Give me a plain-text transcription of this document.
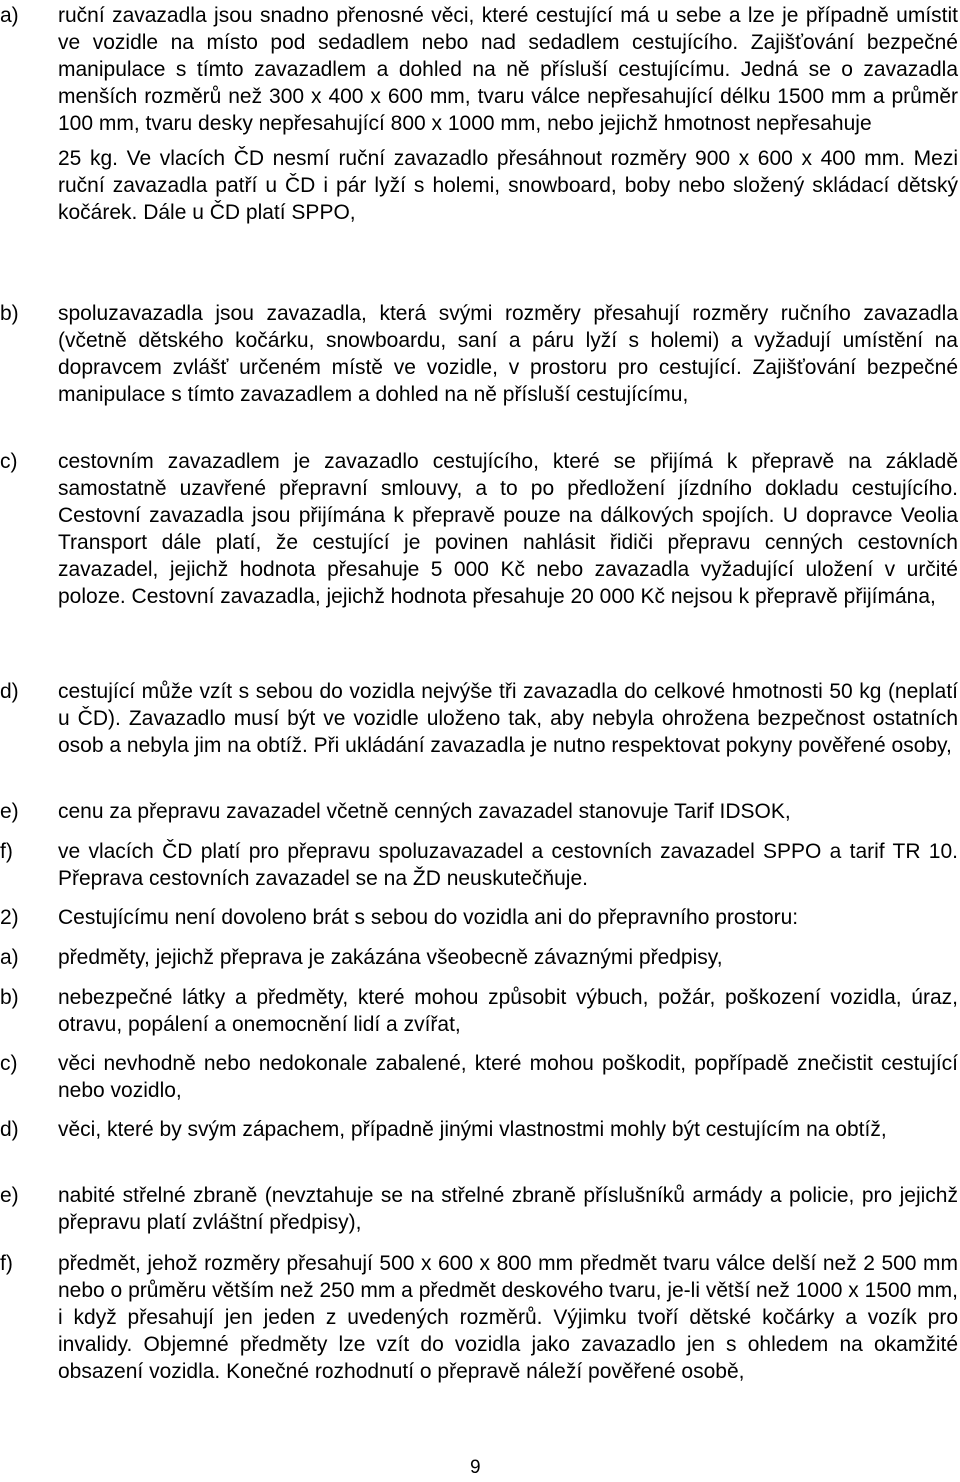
a) ruční zavazadla jsou snadno přenosné věci, které cestující má u sebe a lze je případně umístit ve vozidle na místo pod sedadlem nebo nad sedadlem cestujícího. Zajišťování bezpečné manipulace s tímto zavazadlem a dohled na ně přísluší cestujícímu. Jedná se o zavazadla menších rozměrů než 300 x 400 x 600 mm, tvaru válce nepřesahující délku 1500 mm a průměr 100 mm, tvaru desky nepřesahující 800 x 1000 mm, nebo jejichž hmotnost nepřesahuje
25 kg. Ve vlacích ČD nesmí ruční zavazadlo přesáhnout rozměry 900 x 600 x 400 mm. Mezi ruční zavazadla patří u ČD i pár lyží s holemi, snowboard, boby nebo složený skládací dětský kočárek. Dále u ČD platí SPPO,
b) spoluzavazadla jsou zavazadla, která svými rozměry přesahují rozměry ručního zavazadla (včetně dětského kočárku, snowboardu, saní a páru lyží s holemi) a vyžadují umístění na dopravcem zvlášť určeném místě ve vozidle, v prostoru pro cestující. Zajišťování bezpečné manipulace s tímto zavazadlem a dohled na ně přísluší cestujícímu,
c) cestovním zavazadlem je zavazadlo cestujícího, které se přijímá k přepravě na základě samostatně uzavřené přepravní smlouvy, a to po předložení jízdního dokladu cestujícího. Cestovní zavazadla jsou přijímána k přepravě pouze na dálkových spojích. U dopravce Veolia Transport dále platí, že cestující je povinen nahlásit řidiči přepravu cenných cestovních zavazadel, jejichž hodnota přesahuje 5 000 Kč nebo zavazadla vyžadující uložení v určité poloze. Cestovní zavazadla, jejichž hodnota přesahuje 20 000 Kč nejsou k přepravě přijímána,
d) cestující může vzít s sebou do vozidla nejvýše tři zavazadla do celkové hmotnosti 50 kg (neplatí u ČD). Zavazadlo musí být ve vozidle uloženo tak, aby nebyla ohrožena bezpečnost ostatních osob a nebyla jim na obtíž. Při ukládání zavazadla je nutno respektovat pokyny pověřené osoby,
e) cenu za přepravu zavazadel včetně cenných zavazadel stanovuje Tarif IDSOK,
f) ve vlacích ČD platí pro přepravu spoluzavazadel a cestovních zavazadel SPPO a tarif TR 10. Přeprava cestovních zavazadel se na ŽD neuskutečňuje.
2) Cestujícímu není dovoleno brát s sebou do vozidla ani do přepravního prostoru:
a) předměty, jejichž přeprava je zakázána všeobecně závaznými předpisy,
b) nebezpečné látky a předměty, které mohou způsobit výbuch, požár, poškození vozidla, úraz, otravu, popálení a onemocnění lidí a zvířat,
c) věci nevhodně nebo nedokonale zabalené, které mohou poškodit, popřípadě znečistit cestující nebo vozidlo,
d) věci, které by svým zápachem, případně jinými vlastnostmi mohly být cestujícím na obtíž,
e) nabité střelné zbraně (nevztahuje se na střelné zbraně příslušníků armády a policie, pro jejichž přepravu platí zvláštní předpisy),
f) předmět, jehož rozměry přesahují 500 x 600 x 800 mm předmět tvaru válce delší než 2 500 mm nebo o průměru větším než 250 mm a předmět deskového tvaru, je-li větší než 1000 x 1500 mm, i když přesahují jen jeden z uvedených rozměrů. Výjimku tvoří dětské kočárky a vozík pro invalidy. Objemné předměty lze vzít do vozidla jako zavazadlo jen s ohledem na okamžité obsazení vozidla. Konečné rozhodnutí o přepravě náleží pověřené osobě,
9
